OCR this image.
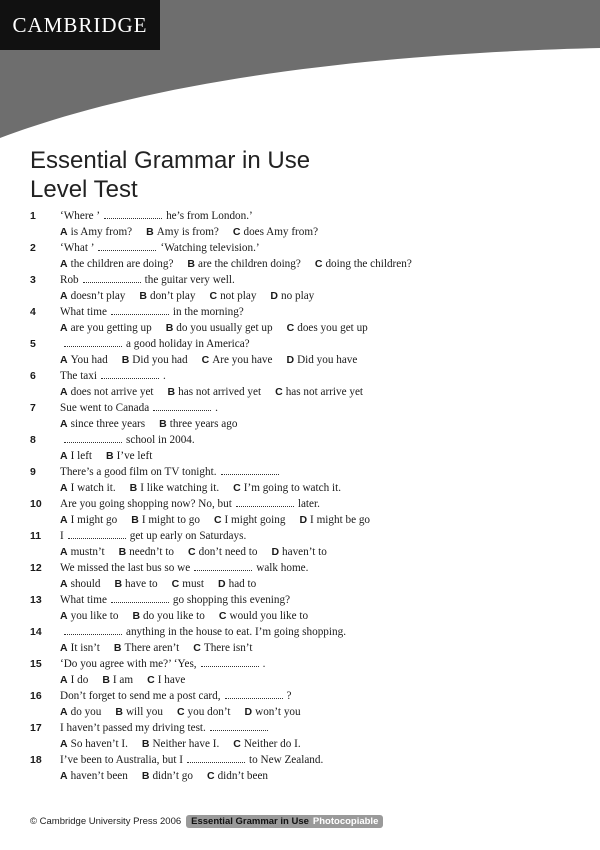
CAMBRIDGE
Essential Grammar in Use
Level Test
1	‘Where ’	he’s from London.’
A is Amy from? B Amy is from? C does Amy from?
2	‘What ’	‘Watching television.’
A the children are doing? B are the children doing? C doing the children?
3	Rob	the guitar very well.
A doesn’t play B don’t play C not play D no play
4	What time	in the morning?
A are you getting up B do you usually get up C does you get up
5	a good holiday in America?
A You had B Did you had C Are you have D Did you have
6	The taxi	.
A does not arrive yet B has not arrived yet C has not arrive yet
7	Sue went to Canada	.
A since three years B three years ago
8	school in 2004.
A I left B I’ve left
9	There’s a good film on TV tonight.
A I watch it. B I like watching it. C I’m going to watch it.
10	Are you going shopping now? No, but	later.
A I might go B I might to go C I might going D I might be go
11	I	get up early on Saturdays.
A mustn’t B needn’t to C don’t need to D haven’t to
12	We missed the last bus so we	walk home.
A should B have to C must D had to
13	What time	go shopping this evening?
A you like to B do you like to C would you like to
14	anything in the house to eat. I’m going shopping.
A It isn’t B There aren’t C There isn’t
15	‘Do you agree with me?’ ‘Yes,	.
A I do B I am C I have
16	Don’t forget to send me a post card,	?
A do you B will you C you don’t D won’t you
17	I haven’t passed my driving test.
A So haven’t I. B Neither have I. C Neither do I.
18	I’ve been to Australia, but I	to New Zealand.
A haven’t been B didn’t go C didn’t been
© Cambridge University Press 2006 Essential Grammar in Use Photocopiable
